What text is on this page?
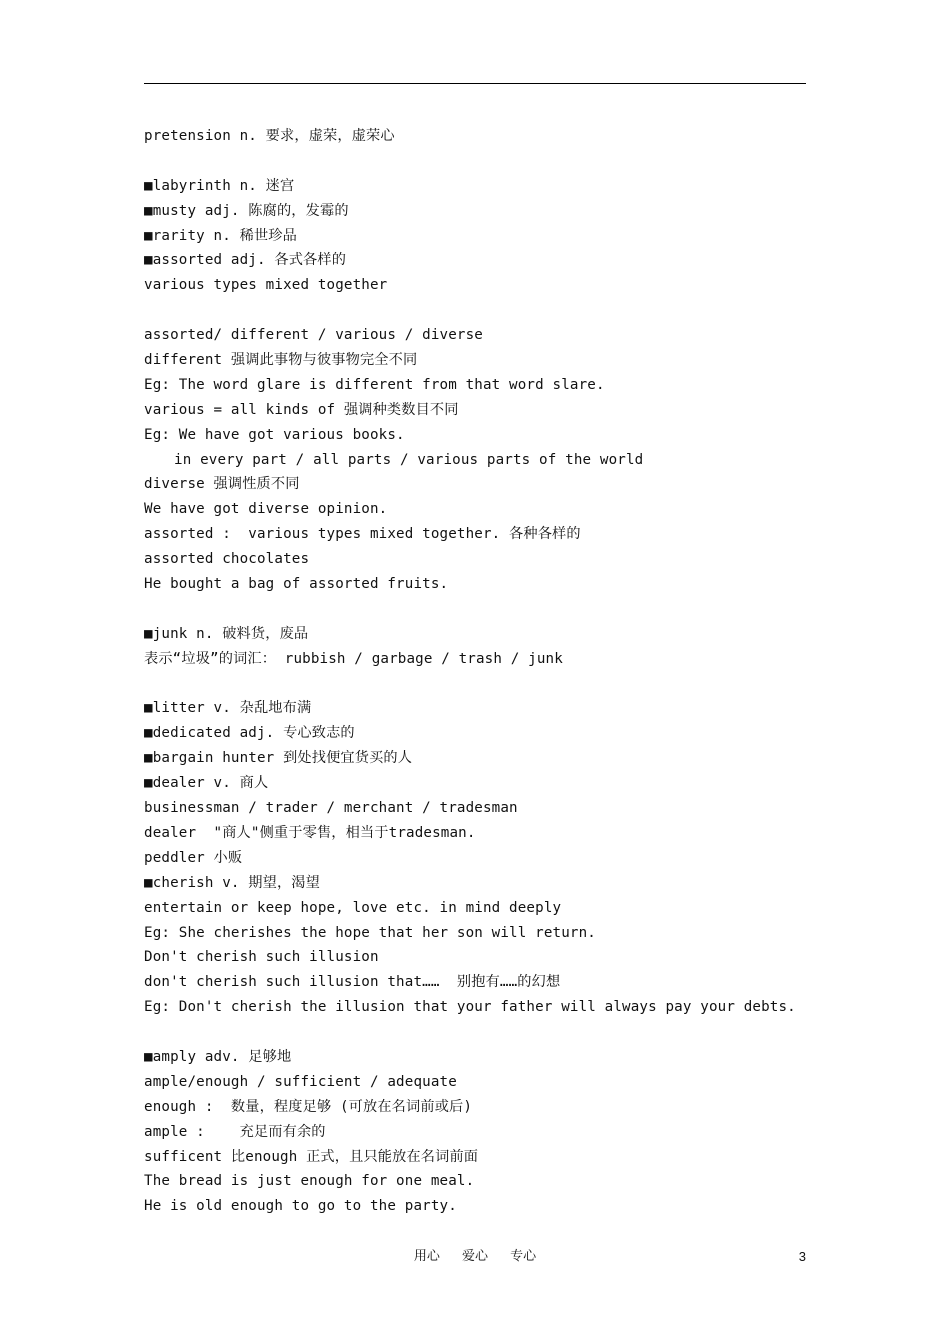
pretension n. 要求，虚荣，虚荣心
■labyrinth n. 迷宫
■musty adj. 陈腐的，发霉的
■rarity n. 稀世珍品
■assorted adj. 各式各样的
various types mixed together
assorted/ different / various / diverse
different 强调此事物与彼事物完全不同
Eg: The word glare is different from that word slare.
various = all kinds of 强调种类数目不同
Eg: We have got various books.
in every part / all parts / various parts of the world
diverse 强调性质不同
We have got diverse opinion.
assorted :  various types mixed together. 各种各样的
assorted chocolates
He bought a bag of assorted fruits.
■junk n. 破料货，废品
表示“垃圾”的词汇： rubbish / garbage / trash / junk
■litter v. 杂乱地布满
■dedicated adj. 专心致志的
■bargain hunter 到处找便宜货买的人
■dealer v. 商人
businessman / trader / merchant / tradesman
dealer  "商人"侧重于零售，相当于tradesman.
peddler 小贩
■cherish v. 期望，渴望
entertain or keep hope, love etc. in mind deeply
Eg: She cherishes the hope that her son will return.
Don't cherish such illusion
don't cherish such illusion that……  别抱有……的幻想
Eg: Don't cherish the illusion that your father will always pay your debts.
■amply adv. 足够地
ample/enough / sufficient / adequate
enough :  数量，程度足够 (可放在名词前或后)
ample :    充足而有余的
sufficent 比enough 正式，且只能放在名词前面
The bread is just enough for one meal.
He is old enough to go to the party.
用心 爱心 专心	3
